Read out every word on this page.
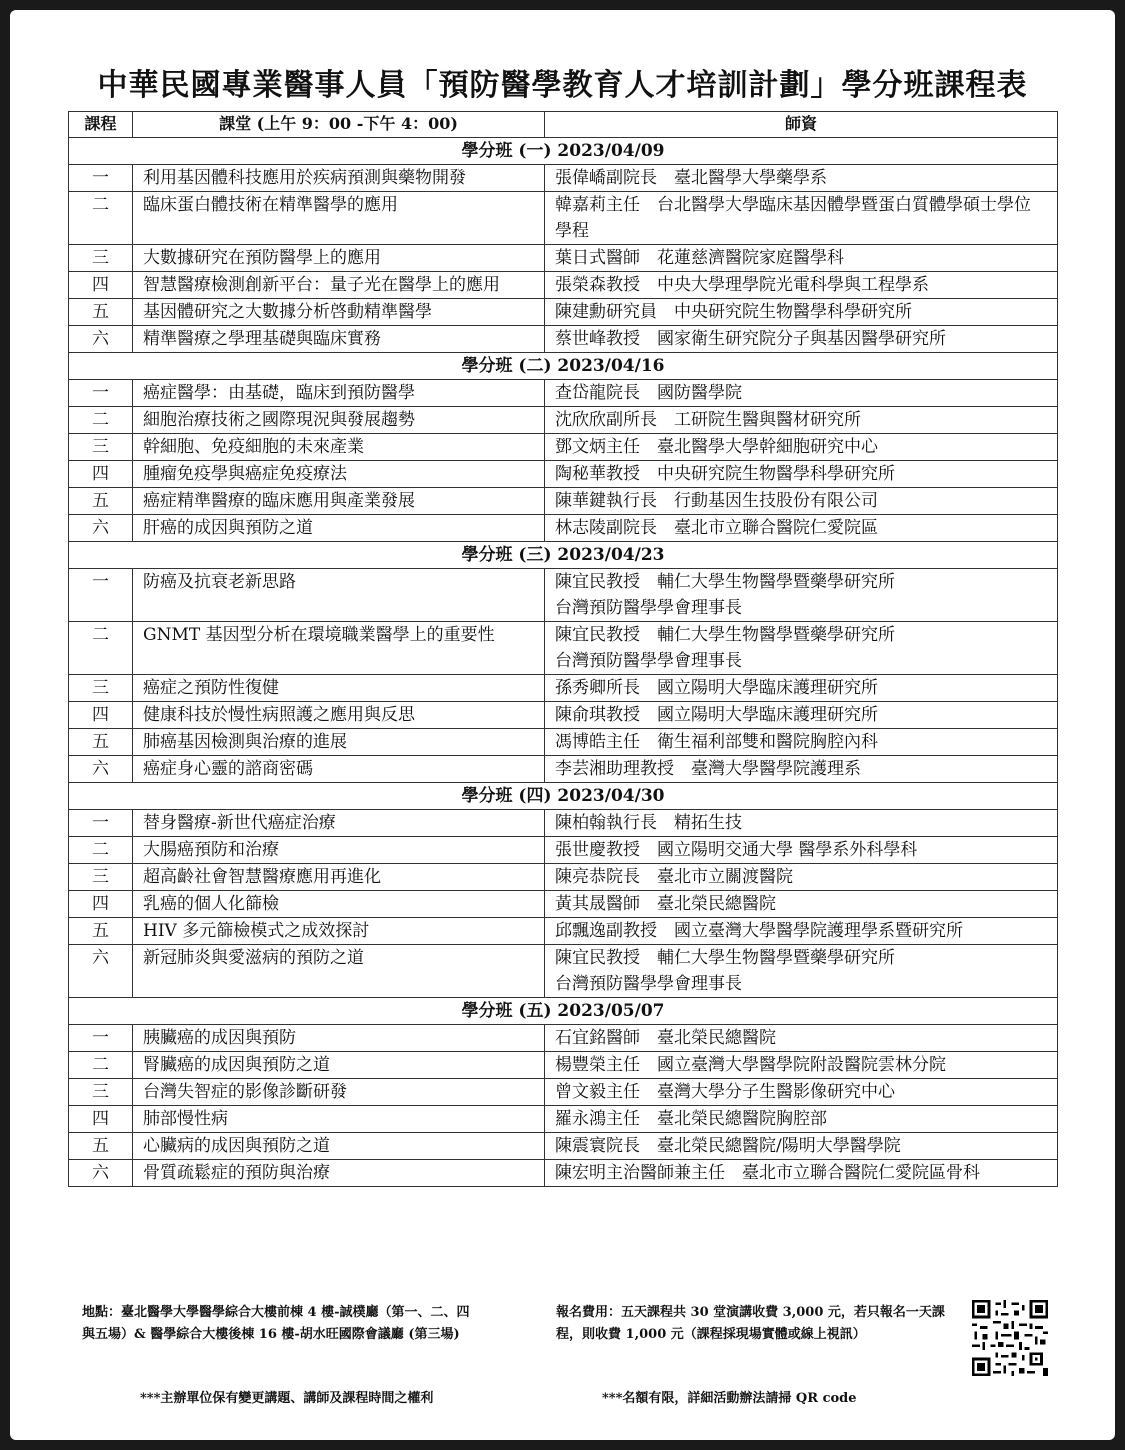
中華民國專業醫事人員「預防醫學教育人才培訓計劃」學分班課程表
課程	課堂 (上午 9：00 -下午 4：00)	師資
學分班 (一) 2023/04/09		
一	利用基因體科技應用於疾病預測與藥物開發	張偉嶠副院長　臺北醫學大學藥學系

二	臨床蛋白體技術在精準醫學的應用	韓嘉莉主任　台北醫學大學臨床基因體學暨蛋白質體學碩士學位學程

三	大數據研究在預防醫學上的應用	葉日式醫師　花蓮慈濟醫院家庭醫學科

四	智慧醫療檢測創新平台：量子光在醫學上的應用	張榮森教授　中央大學理學院光電科學與工程學系

五	基因體研究之大數據分析啓動精準醫學	陳建勳研究員　中央研究院生物醫學科學研究所

六	精準醫療之學理基礎與臨床實務	蔡世峰教授　國家衛生研究院分子與基因醫學研究所

學分班 (二) 2023/04/16		
一	癌症醫學：由基礎，臨床到預防醫學	查岱龍院長　國防醫學院

二	細胞治療技術之國際現況與發展趨勢	沈欣欣副所長　工研院生醫與醫材研究所

三	幹細胞、免疫細胞的未來產業	鄧文炳主任　臺北醫學大學幹細胞研究中心

四	腫瘤免疫學與癌症免疫療法	陶秘華教授　中央研究院生物醫學科學研究所

五	癌症精準醫療的臨床應用與產業發展	陳華鍵執行長　行動基因生技股份有限公司

六	肝癌的成因與預防之道	林志陵副院長　臺北市立聯合醫院仁愛院區

學分班 (三) 2023/04/23		
一	防癌及抗衰老新思路	陳宜民教授　輔仁大學生物醫學暨藥學研究所
台灣預防醫學學會理事長

二	GNMT 基因型分析在環境職業醫學上的重要性	陳宜民教授　輔仁大學生物醫學暨藥學研究所
台灣預防醫學學會理事長

三	癌症之預防性復健	孫秀卿所長　國立陽明大學臨床護理研究所

四	健康科技於慢性病照護之應用與反思	陳俞琪教授　國立陽明大學臨床護理研究所

五	肺癌基因檢測與治療的進展	馮博皓主任　衛生福利部雙和醫院胸腔內科

六	癌症身心靈的諮商密碼	李芸湘助理教授　臺灣大學醫學院護理系

學分班 (四) 2023/04/30		
一	替身醫療-新世代癌症治療	陳柏翰執行長　精拓生技

二	大腸癌預防和治療	張世慶教授　國立陽明交通大學 醫學系外科學科

三	超高齡社會智慧醫療應用再進化	陳亮恭院長　臺北市立關渡醫院

四	乳癌的個人化篩檢	黃其晟醫師　臺北榮民總醫院

五	HIV 多元篩檢模式之成效探討	邱飄逸副教授　國立臺灣大學醫學院護理學系暨研究所

六	新冠肺炎與愛滋病的預防之道	陳宜民教授　輔仁大學生物醫學暨藥學研究所
台灣預防醫學學會理事長

學分班 (五) 2023/05/07		
一	胰臟癌的成因與預防	石宜銘醫師　臺北榮民總醫院

二	腎臟癌的成因與預防之道	楊豐榮主任　國立臺灣大學醫學院附設醫院雲林分院

三	台灣失智症的影像診斷研發	曾文毅主任　臺灣大學分子生醫影像研究中心

四	肺部慢性病	羅永鴻主任　臺北榮民總醫院胸腔部

五	心臟病的成因與預防之道	陳震寰院長　臺北榮民總醫院/陽明大學醫學院

六	骨質疏鬆症的預防與治療	陳宏明主治醫師兼主任　臺北市立聯合醫院仁愛院區骨科
地點：臺北醫學大學醫學綜合大樓前棟 4 樓-誠樸廳（第一、二、四與五場）& 醫學綜合大樓後棟 16 樓-胡水旺國際會議廳 (第三場)
報名費用：五天課程共 30 堂演講收費 3,000 元，若只報名一天課程，則收費 1,000 元（課程採現場實體或線上視訊）
***主辦單位保有變更講題、講師及課程時間之權利	***名額有限，詳細活動辦法請掃 QR code
